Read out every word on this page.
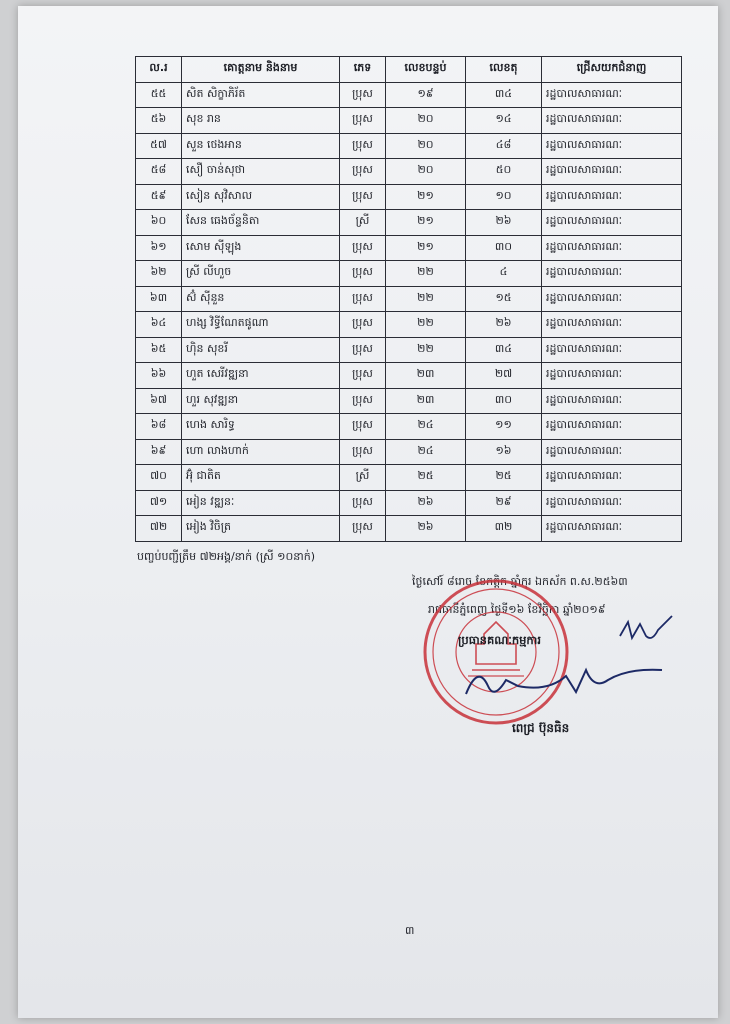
ល.រ	គោត្តនាម និងនាម	ភេទ	លេខបន្ទប់	លេខតុ	ជ្រើសយកជំនាញ
៥៥	សិត សិក្ខាភិរ័ត	ប្រុស	១៩	៣៤	រដ្ឋបាលសាធារណៈ
៥៦	សុខ រាន	ប្រុស	២០	១៤	រដ្ឋបាលសាធារណៈ
៥៧	សួន ថេងអាន	ប្រុស	២០	៤៨	រដ្ឋបាលសាធារណៈ
៥៨	សឿ ចាន់សុថា	ប្រុស	២០	៥០	រដ្ឋបាលសាធារណៈ
៥៩	សៀន សុវិសាល	ប្រុស	២១	១០	រដ្ឋបាលសាធារណៈ
៦០	សែន ធេងច័ន្ទនិតា	ស្រី	២១	២៦	រដ្ឋបាលសាធារណៈ
៦១	សោម ស៊ីឡុង	ប្រុស	២១	៣០	រដ្ឋបាលសាធារណៈ
៦២	ស្រី លីហួច	ប្រុស	២២	៤	រដ្ឋបាលសាធារណៈ
៦៣	ស៊ំ ស៊ីនួន	ប្រុស	២២	១៥	រដ្ឋបាលសាធារណៈ
៦៤	ហង្ស វិទ្ធីណែតផូណា	ប្រុស	២២	២៦	រដ្ឋបាលសាធារណៈ
៦៥	ហ៊ិន សុខរី	ប្រុស	២២	៣៤	រដ្ឋបាលសាធារណៈ
៦៦	ហួត សេរីវឌ្ឍនា	ប្រុស	២៣	២៧	រដ្ឋបាលសាធារណៈ
៦៧	ហួរ សុវឌ្ឍនា	ប្រុស	២៣	៣០	រដ្ឋបាលសាធារណៈ
៦៨	ហេង សារិទ្ធ	ប្រុស	២៤	១១	រដ្ឋបាលសាធារណៈ
៦៩	ហោ លាងហាក់	ប្រុស	២៤	១៦	រដ្ឋបាលសាធារណៈ
៧០	អ៊ុំ ជាតិត	ស្រី	២៥	២៥	រដ្ឋបាលសាធារណៈ
៧១	អៀន វឌ្ឍនៈ	ប្រុស	២៦	២៩	រដ្ឋបាលសាធារណៈ
៧២	អៀង វិចិត្រ	ប្រុស	២៦	៣២	រដ្ឋបាលសាធារណៈ
បញ្ចប់បញ្ជីត្រឹម ៧២អង្គ/នាក់ (ស្រី ១០នាក់)
ថ្ងៃសៅរ៍ ៨រោច ខែកត្តិក ឆ្នាំកុរ ឯកស័ក ព.ស.២៥៦៣
រាជធានីភ្នំពេញ ថ្ងៃទី១៦ ខែវិច្ឆិកា ឆ្នាំ២០១៩
ប្រធានគណៈកម្មការ
ពេជ្រ ប៊ុនធិន
៣
